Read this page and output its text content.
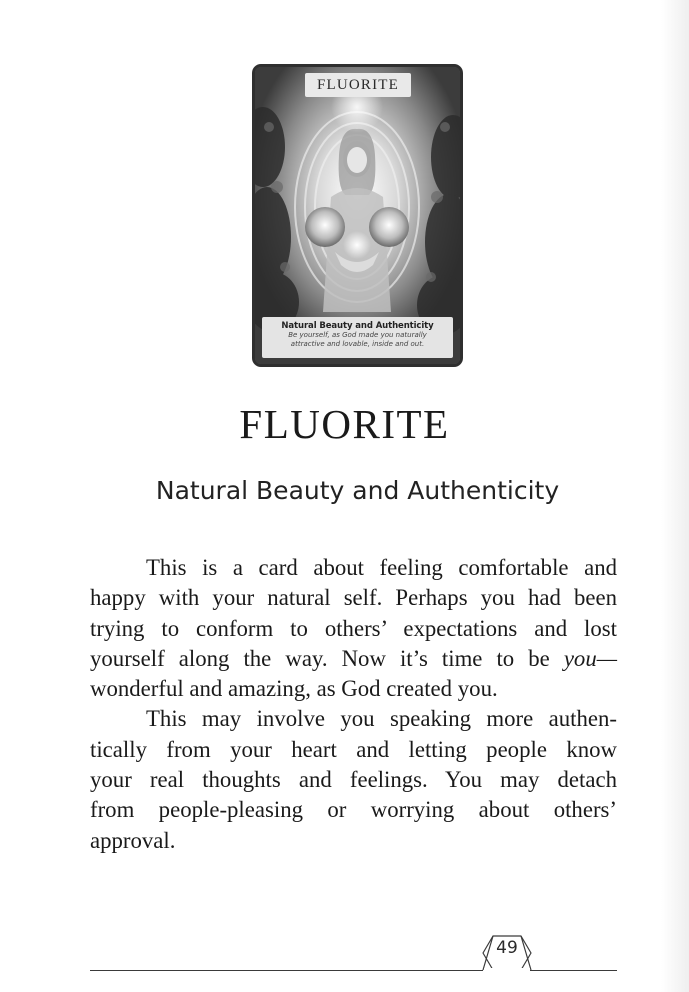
FLUORITE
Natural Beauty and Authenticity
Be yourself, as God made you naturally attractive and lovable, inside and out.
FLUORITE
Natural Beauty and Authenticity
This is a card about feeling comfortable and
happy with your natural self. Perhaps you had been
trying to conform to others’ expectations and lost
yourself along the way. Now it’s time to be you—
wonderful and amazing, as God created you.
This may involve you speaking more authen-
tically from your heart and letting people know
your real thoughts and feelings. You may detach
from people-pleasing or worrying about others’
approval.
49
